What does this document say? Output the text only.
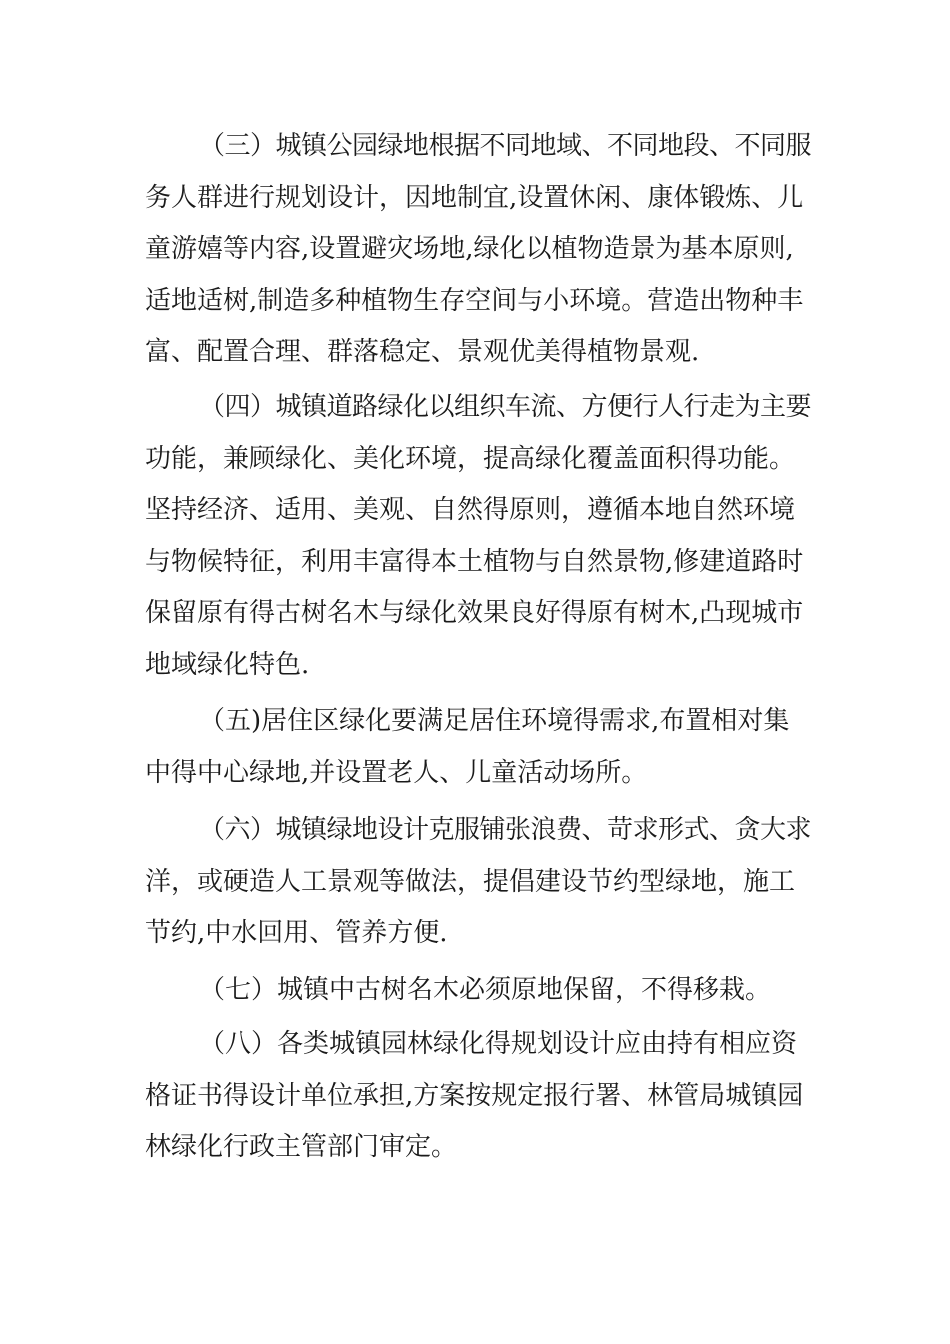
（三）城镇公园绿地根据不同地域、不同地段、不同服
务人群进行规划设计，因地制宜,设置休闲、康体锻炼、儿
童游嬉等内容,设置避灾场地,绿化以植物造景为基本原则,
适地适树,制造多种植物生存空间与小环境。营造出物种丰
富、配置合理、群落稳定、景观优美得植物景观.
（四）城镇道路绿化以组织车流、方便行人行走为主要
功能，兼顾绿化、美化环境，提高绿化覆盖面积得功能。
坚持经济、适用、美观、自然得原则，遵循本地自然环境
与物候特征，利用丰富得本土植物与自然景物,修建道路时
保留原有得古树名木与绿化效果良好得原有树木,凸现城市
地域绿化特色.
（五)居住区绿化要满足居住环境得需求,布置相对集
中得中心绿地,并设置老人、儿童活动场所。
（六）城镇绿地设计克服铺张浪费、苛求形式、贪大求
洋，或硬造人工景观等做法，提倡建设节约型绿地，施工
节约,中水回用、管养方便.
（七）城镇中古树名木必须原地保留，不得移栽。
（八）各类城镇园林绿化得规划设计应由持有相应资
格证书得设计单位承担,方案按规定报行署、林管局城镇园
林绿化行政主管部门审定。
